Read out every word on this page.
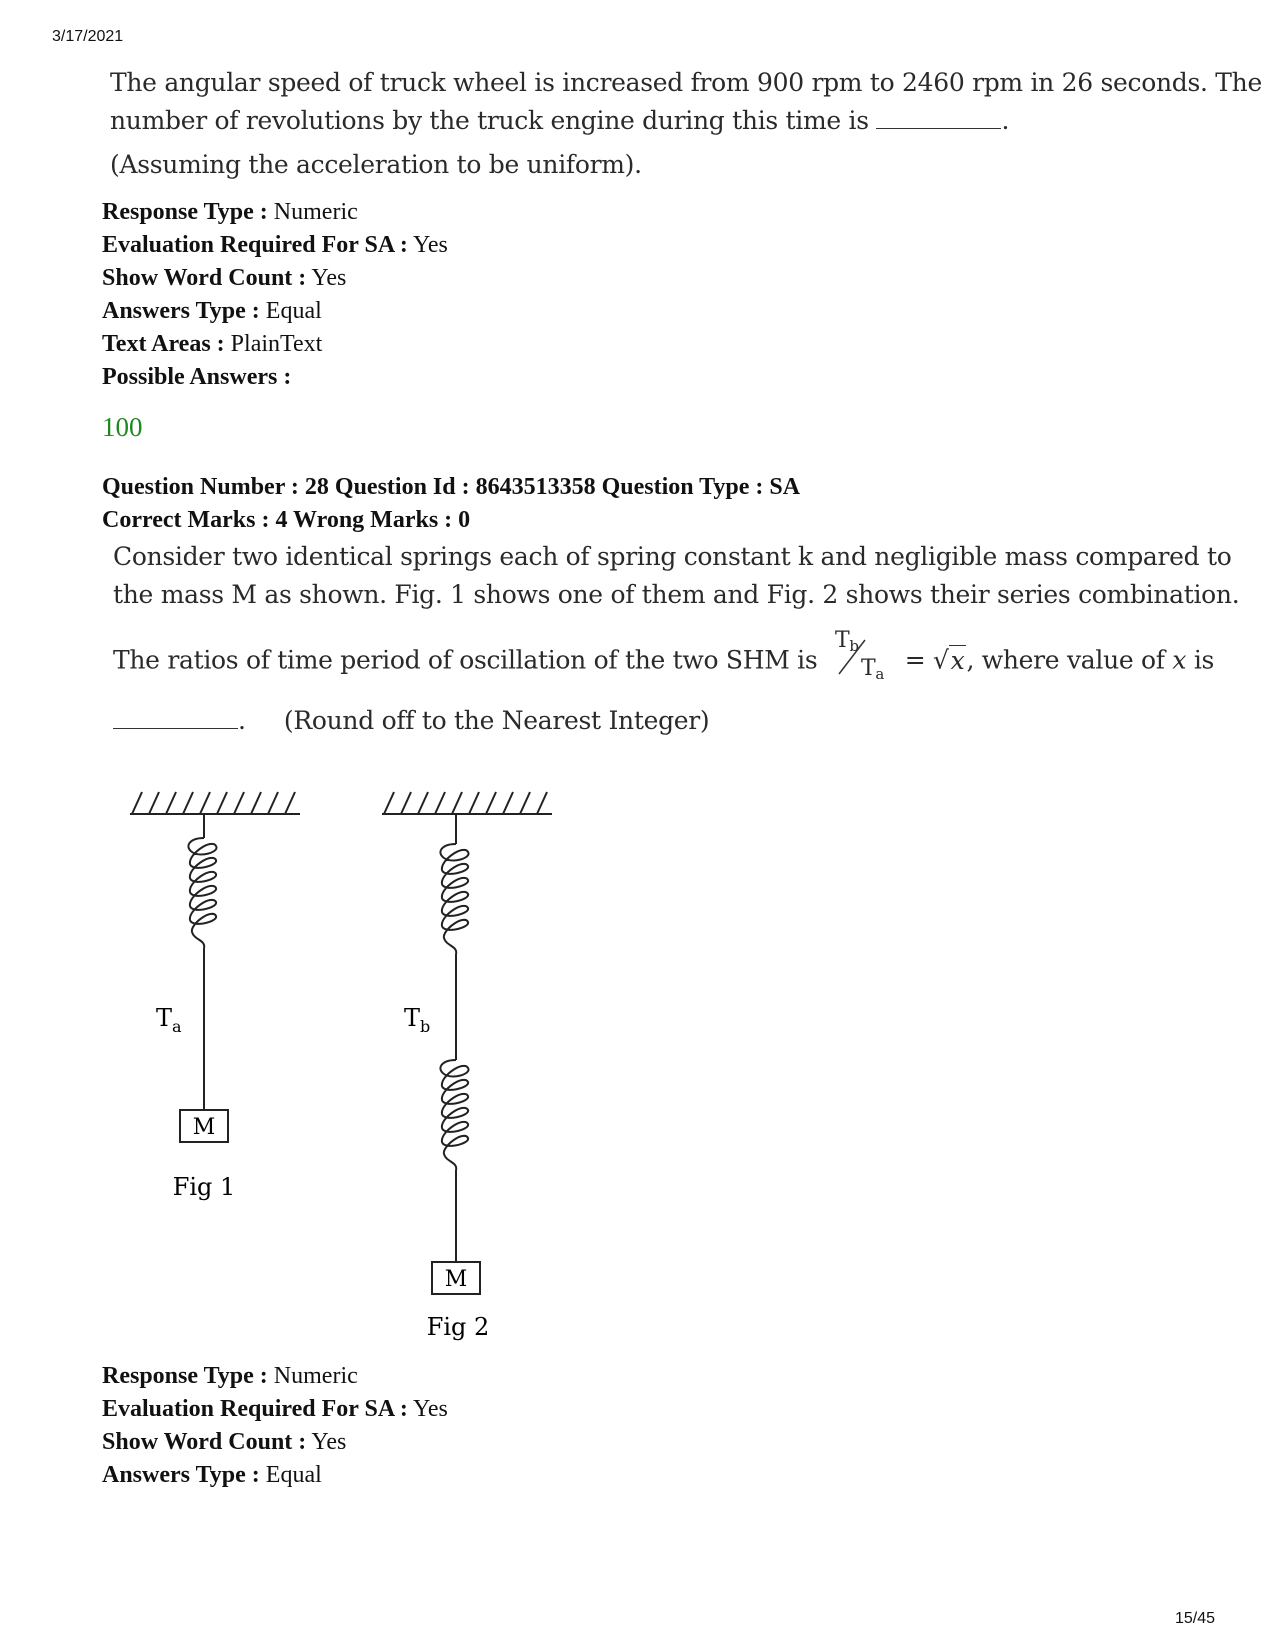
3/17/2021
The angular speed of truck wheel is increased from 900 rpm to 2460 rpm in 26 seconds. The
number of revolutions by the truck engine during this time is	.
(Assuming the acceleration to be uniform).
Response Type : Numeric
Evaluation Required For SA : Yes
Show Word Count : Yes
Answers Type : Equal
Text Areas : PlainText
Possible Answers :
100
Question Number : 28 Question Id : 8643513358 Question Type : SA
Correct Marks : 4 Wrong Marks : 0
Consider two identical springs each of spring constant k and negligible mass compared to
the mass M as shown. Fig. 1 shows one of them and Fig. 2 shows their series combination.
The ratios of time period of oscillation of the two SHM is
$T_b$
$T_a = √x$, where value of x is
.     (Round off to the Nearest Integer)
M
$T_a$
Fig 1
$T_b$
M
Fig 2
Response Type : Numeric
Evaluation Required For SA : Yes
Show Word Count : Yes
Answers Type : Equal
15/45
